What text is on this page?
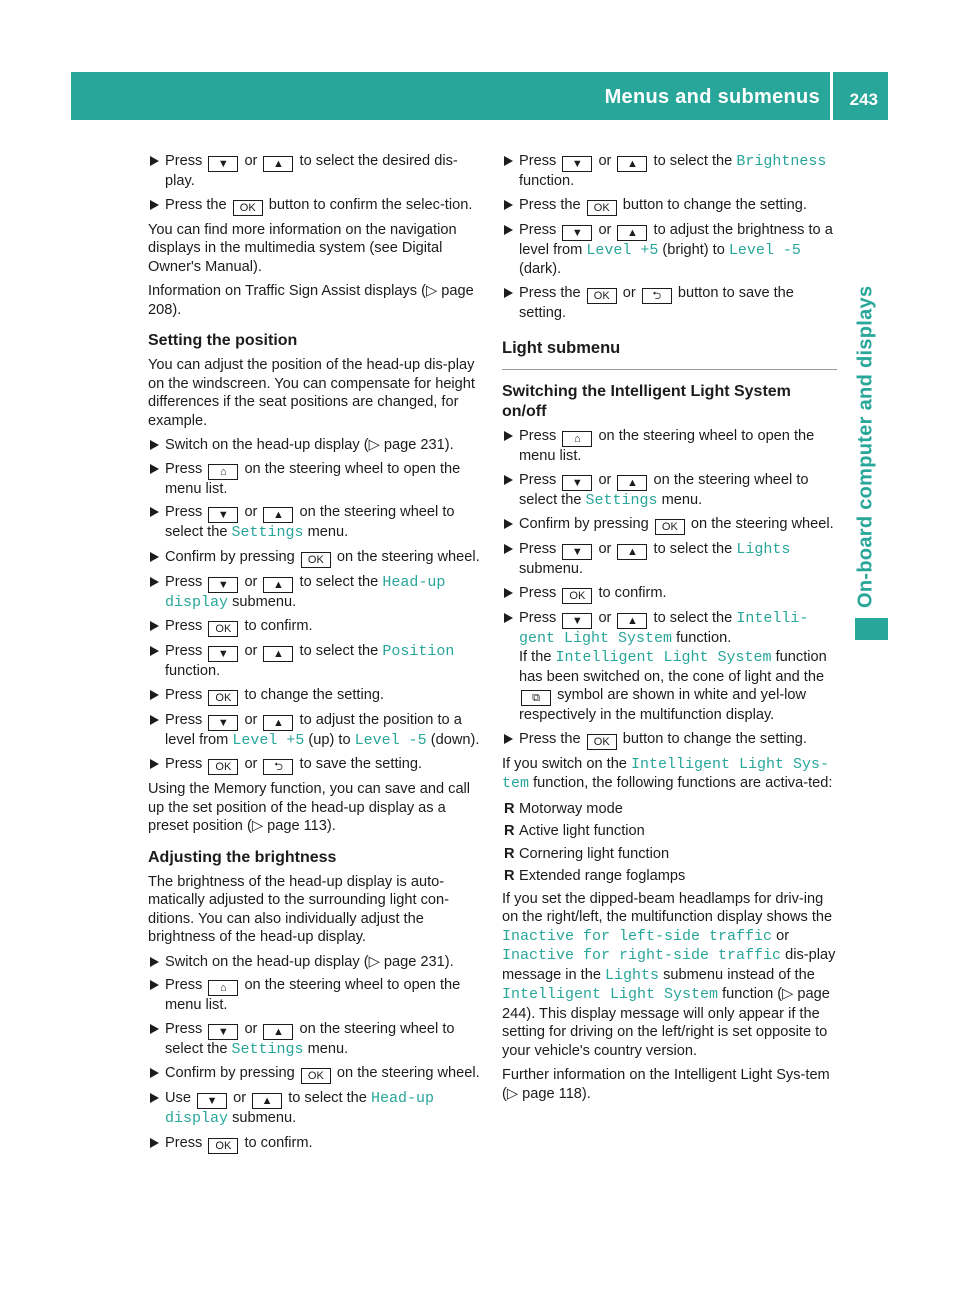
Menus and submenus 243
On-board computer and displays
Press ▼ or ▲ to select the desired dis-play.
Press the OK button to confirm the selec-tion.

You can find more information on the navigation displays in the multimedia system (see Digital Owner's Manual).

Information on Traffic Sign Assist displays (▷ page 208).

Setting the position

You can adjust the position of the head-up dis-play on the windscreen. You can compensate for height differences if the seat positions are changed, for example.

Switch on the head-up display (▷ page 231).
Press ⌂ on the steering wheel to open the menu list.
Press ▼ or ▲ on the steering wheel to select the Settings menu.
Confirm by pressing OK on the steering wheel.
Press ▼ or ▲ to select the Head-up display submenu.
Press OK to confirm.
Press ▼ or ▲ to select the Position function.
Press OK to change the setting.
Press ▼ or ▲ to adjust the position to a level from Level +5 (up) to Level -5 (down).
Press OK or ⮌ to save the setting.

Using the Memory function, you can save and call up the set position of the head-up display as a preset position (▷ page 113).

Adjusting the brightness

The brightness of the head-up display is auto-matically adjusted to the surrounding light con-ditions. You can also individually adjust the brightness of the head-up display.

Switch on the head-up display (▷ page 231).
Press ⌂ on the steering wheel to open the menu list.
Press ▼ or ▲ on the steering wheel to select the Settings menu.
Confirm by pressing OK on the steering wheel.
Use ▼ or ▲ to select the Head-up display submenu.
Press OK to confirm.
Press ▼ or ▲ to select the Brightness function.
Press the OK button to change the setting.
Press ▼ or ▲ to adjust the brightness to a level from Level +5 (bright) to Level -5 (dark).
Press the OK or ⮌ button to save the setting.
Light submenu
Switching the Intelligent Light System on/off
Press ⌂ on the steering wheel to open the menu list.
Press ▼ or ▲ on the steering wheel to select the Settings menu.
Confirm by pressing OK on the steering wheel.
Press ▼ or ▲ to select the Lights submenu.
Press OK to confirm.
Press ▼ or ▲ to select the Intelli-gent Light System function.
If the Intelligent Light System function has been switched on, the cone of light and the ⧉ symbol are shown in white and yel-low respectively in the multifunction display.
Press the OK button to change the setting.

If you switch on the Intelligent Light Sys-tem function, the following functions are activa-ted:

R Motorway mode
R Active light function
R Cornering light function
R Extended range foglamps

If you set the dipped-beam headlamps for driv-ing on the right/left, the multifunction display shows the Inactive for left-side traffic or Inactive for right-side traffic dis-play message in the Lights submenu instead of the Intelligent Light System function (▷ page 244). This display message will only appear if the setting for driving on the left/right is set opposite to your vehicle's country version.

Further information on the Intelligent Light Sys-tem (▷ page 118).
